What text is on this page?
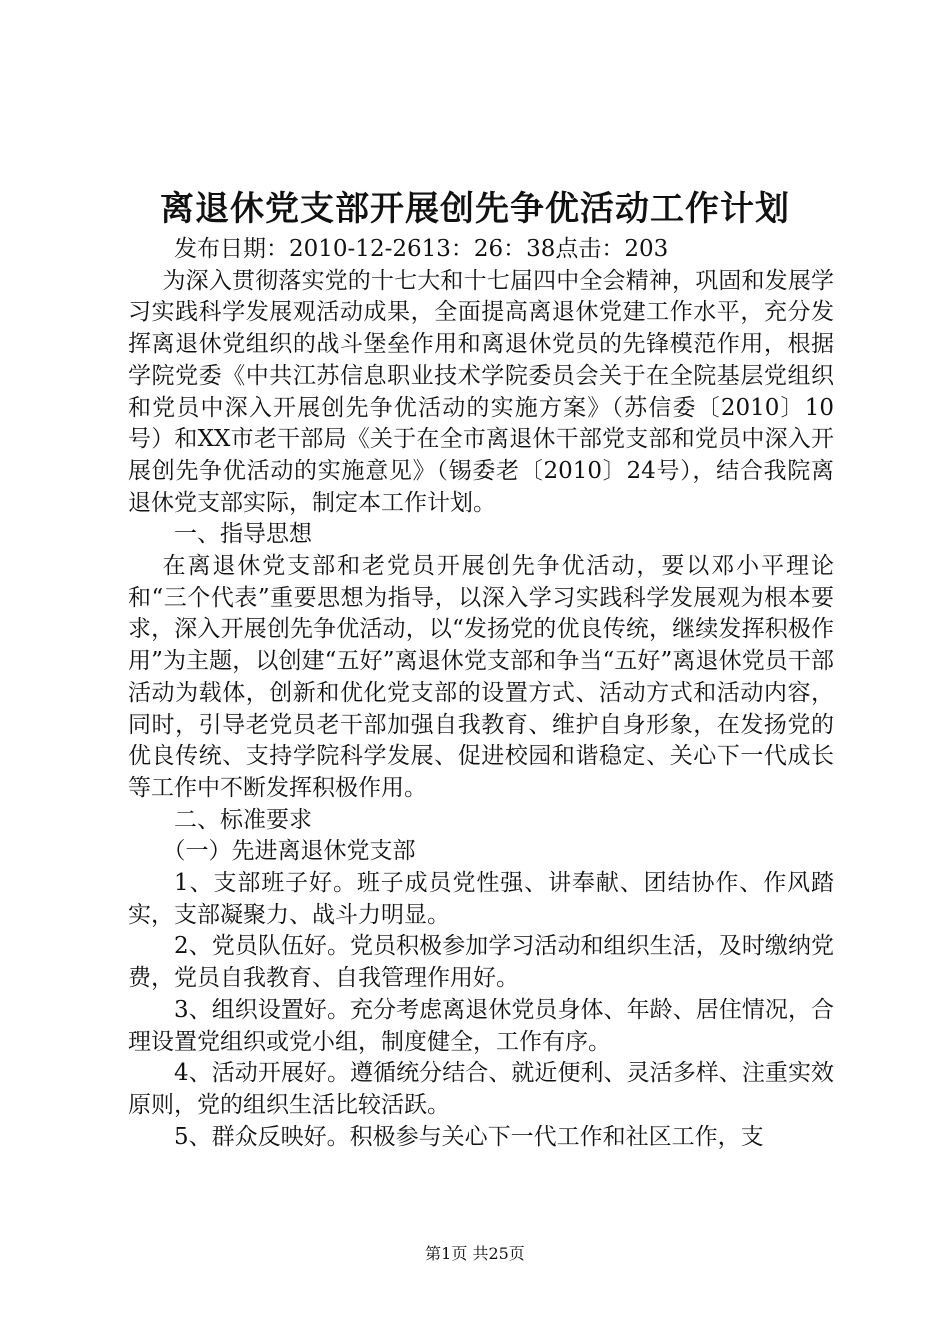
离退休党支部开展创先争优活动工作计划

发布日期：2010-12-2613：26：38点击：203

为深入贯彻落实党的十七大和十七届四中全会精神，巩固和发展学习实践科学发展观活动成果，全面提高离退休党建工作水平，充分发挥离退休党组织的战斗堡垒作用和离退休党员的先锋模范作用，根据学院党委《中共江苏信息职业技术学院委员会关于在全院基层党组织和党员中深入开展创先争优活动的实施方案》（苏信委〔2010〕10号）和XX市老干部局《关于在全市离退休干部党支部和党员中深入开展创先争优活动的实施意见》（锡委老〔2010〕24号），结合我院离退休党支部实际，制定本工作计划。

一、指导思想

在离退休党支部和老党员开展创先争优活动，要以邓小平理论和“三个代表”重要思想为指导，以深入学习实践科学发展观为根本要求，深入开展创先争优活动，以“发扬党的优良传统，继续发挥积极作用”为主题，以创建“五好”离退休党支部和争当“五好”离退休党员干部活动为载体，创新和优化党支部的设置方式、活动方式和活动内容，同时，引导老党员老干部加强自我教育、维护自身形象，在发扬党的优良传统、支持学院科学发展、促进校园和谐稳定、关心下一代成长等工作中不断发挥积极作用。

二、标准要求

（一）先进离退休党支部

1、支部班子好。班子成员党性强、讲奉献、团结协作、作风踏实，支部凝聚力、战斗力明显。

2、党员队伍好。党员积极参加学习活动和组织生活，及时缴纳党费，党员自我教育、自我管理作用好。

3、组织设置好。充分考虑离退休党员身体、年龄、居住情况，合理设置党组织或党小组，制度健全，工作有序。

4、活动开展好。遵循统分结合、就近便利、灵活多样、注重实效原则，党的组织生活比较活跃。

5、群众反映好。积极参与关心下一代工作和社区工作，支

第1页 共25页
